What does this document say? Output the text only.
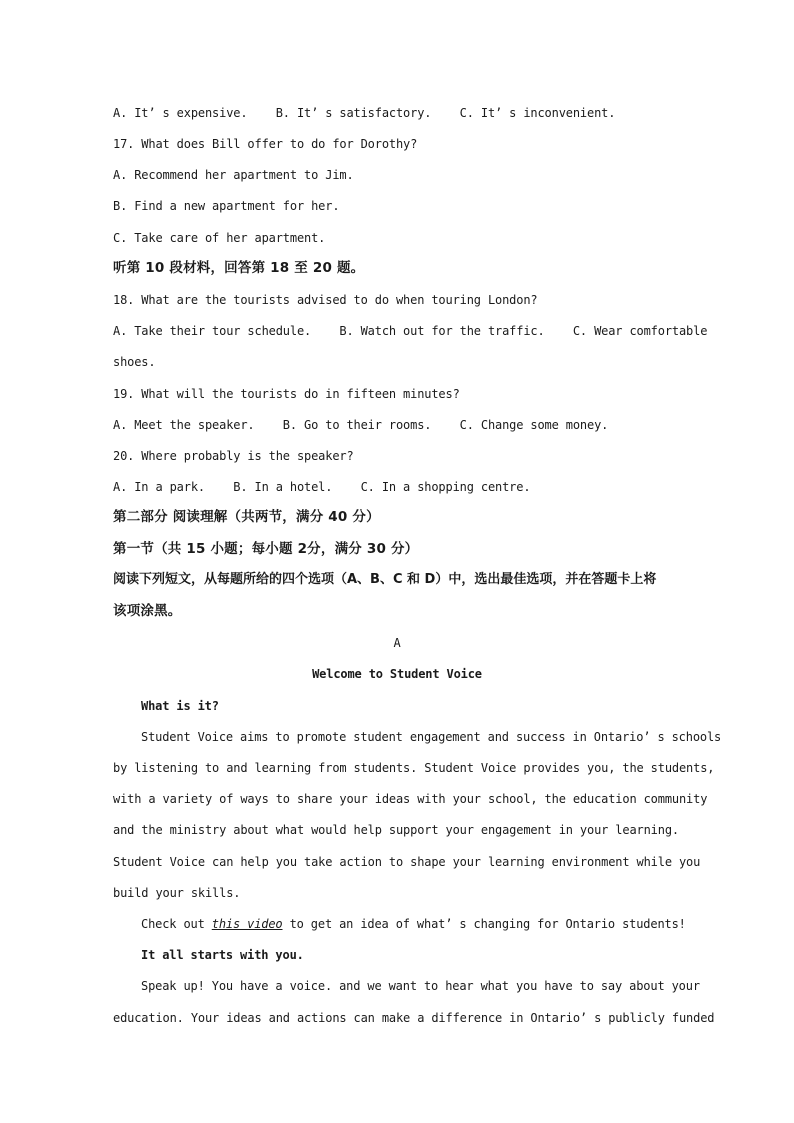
A. It’ s expensive.    B. It’ s satisfactory.    C. It’ s inconvenient.
17. What does Bill offer to do for Dorothy?
A. Recommend her apartment to Jim.
B. Find a new apartment for her.
C. Take care of her apartment.
听第 10 段材料，回答第 18 至 20 题。
18. What are the tourists advised to do when touring London?
A. Take their tour schedule.    B. Watch out for the traffic.    C. Wear comfortable
shoes.
19. What will the tourists do in fifteen minutes?
A. Meet the speaker.    B. Go to their rooms.    C. Change some money.
20. Where probably is the speaker?
A. In a park.    B. In a hotel.    C. In a shopping centre.
第二部分 阅读理解（共两节，满分 40 分）
第一节（共 15 小题；每小题 2分，满分 30 分）
阅读下列短文，从每题所给的四个选项（A、B、C 和 D）中，选出最佳选项，并在答题卡上将
该项涂黑。
A
Welcome to Student Voice
What is it?
Student Voice aims to promote student engagement and success in Ontario’ s schools
by listening to and learning from students. Student Voice provides you, the students,
with a variety of ways to share your ideas with your school, the education community
and the ministry about what would help support your engagement in your learning.
Student Voice can help you take action to shape your learning environment while you
build your skills.
Check out this video to get an idea of what’ s changing for Ontario students!
It all starts with you.
Speak up! You have a voice. and we want to hear what you have to say about your
education. Your ideas and actions can make a difference in Ontario’ s publicly funded
